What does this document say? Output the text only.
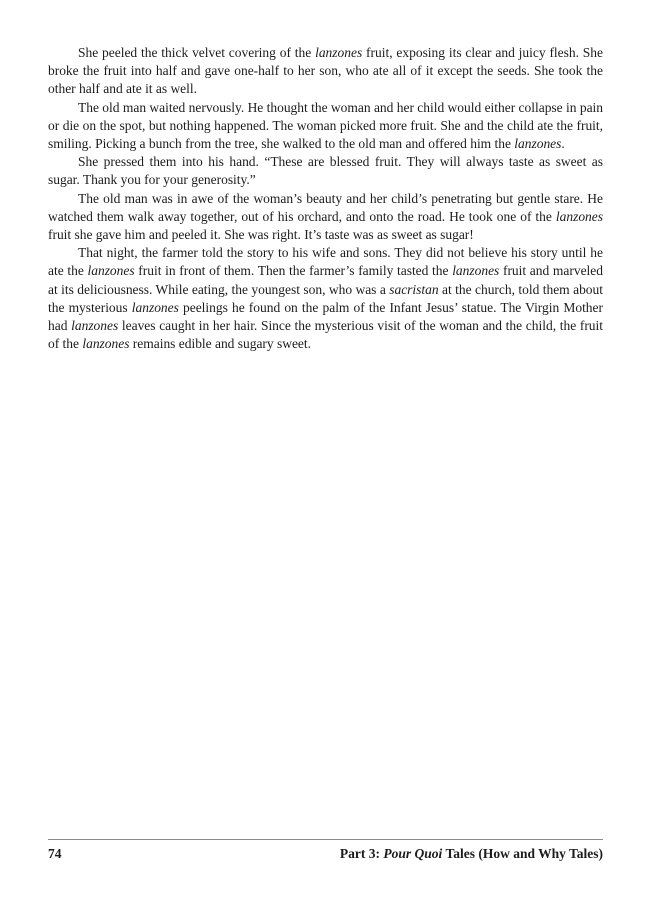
She peeled the thick velvet covering of the lanzones fruit, exposing its clear and juicy flesh. She broke the fruit into half and gave one-half to her son, who ate all of it except the seeds. She took the other half and ate it as well.

The old man waited nervously. He thought the woman and her child would either collapse in pain or die on the spot, but nothing happened. The woman picked more fruit. She and the child ate the fruit, smiling. Picking a bunch from the tree, she walked to the old man and offered him the lanzones.

She pressed them into his hand. “These are blessed fruit. They will always taste as sweet as sugar. Thank you for your generosity.”

The old man was in awe of the woman’s beauty and her child’s penetrating but gentle stare. He watched them walk away together, out of his orchard, and onto the road. He took one of the lanzones fruit she gave him and peeled it. She was right. It’s taste was as sweet as sugar!

That night, the farmer told the story to his wife and sons. They did not believe his story until he ate the lanzones fruit in front of them. Then the farmer’s family tasted the lanzones fruit and marveled at its deliciousness. While eating, the youngest son, who was a sacristan at the church, told them about the mysterious lanzones peelings he found on the palm of the Infant Jesus’ statue. The Virgin Mother had lanzones leaves caught in her hair. Since the mysterious visit of the woman and the child, the fruit of the lanzones remains edible and sugary sweet.

74	Part 3: Pour Quoi Tales (How and Why Tales)
